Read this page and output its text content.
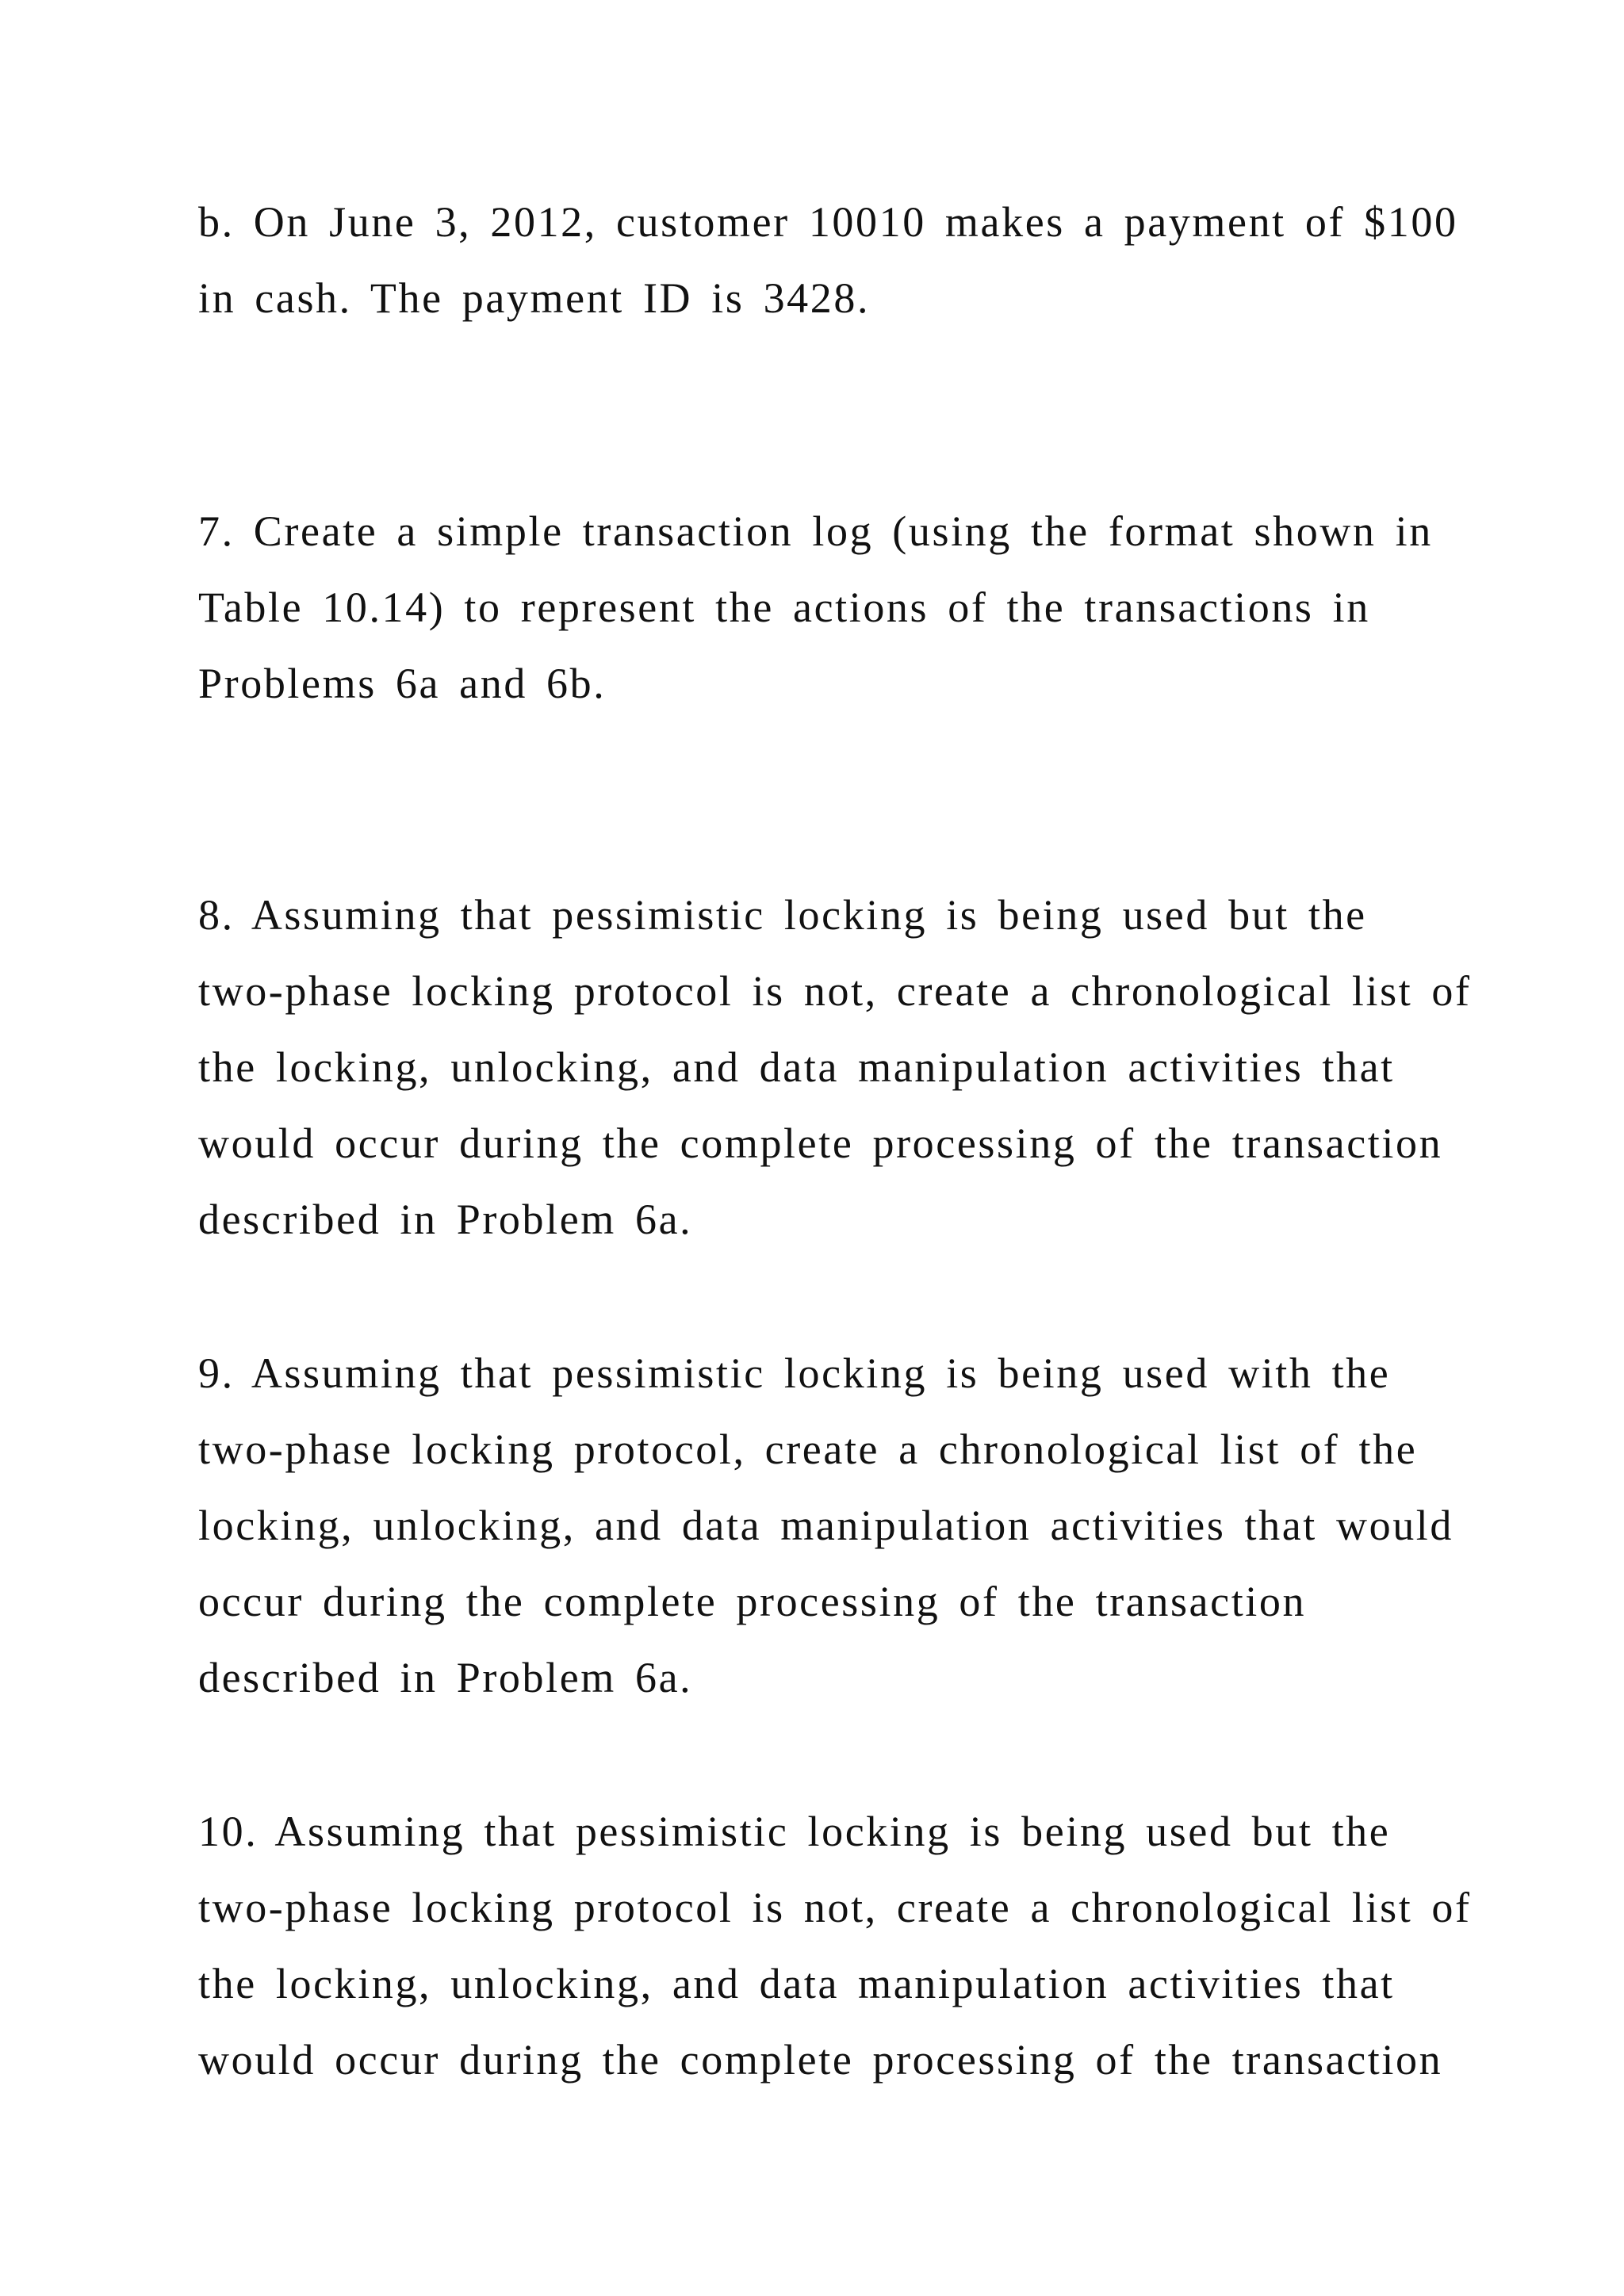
b. On June 3, 2012, customer 10010 makes a payment of $100
in cash. The payment ID is 3428.
7. Create a simple transaction log (using the format shown in
Table 10.14) to represent the actions of the transactions in
Problems 6a and 6b.
8. Assuming that pessimistic locking is being used but the
two-phase locking protocol is not, create a chronological list of
the locking, unlocking, and data manipulation activities that
would occur during the complete processing of the transaction
described in Problem 6a.
9. Assuming that pessimistic locking is being used with the
two-phase locking protocol, create a chronological list of the
locking, unlocking, and data manipulation activities that would
occur during the complete processing of the transaction
described in Problem 6a.
10. Assuming that pessimistic locking is being used but the
two-phase locking protocol is not, create a chronological list of
the locking, unlocking, and data manipulation activities that
would occur during the complete processing of the transaction
